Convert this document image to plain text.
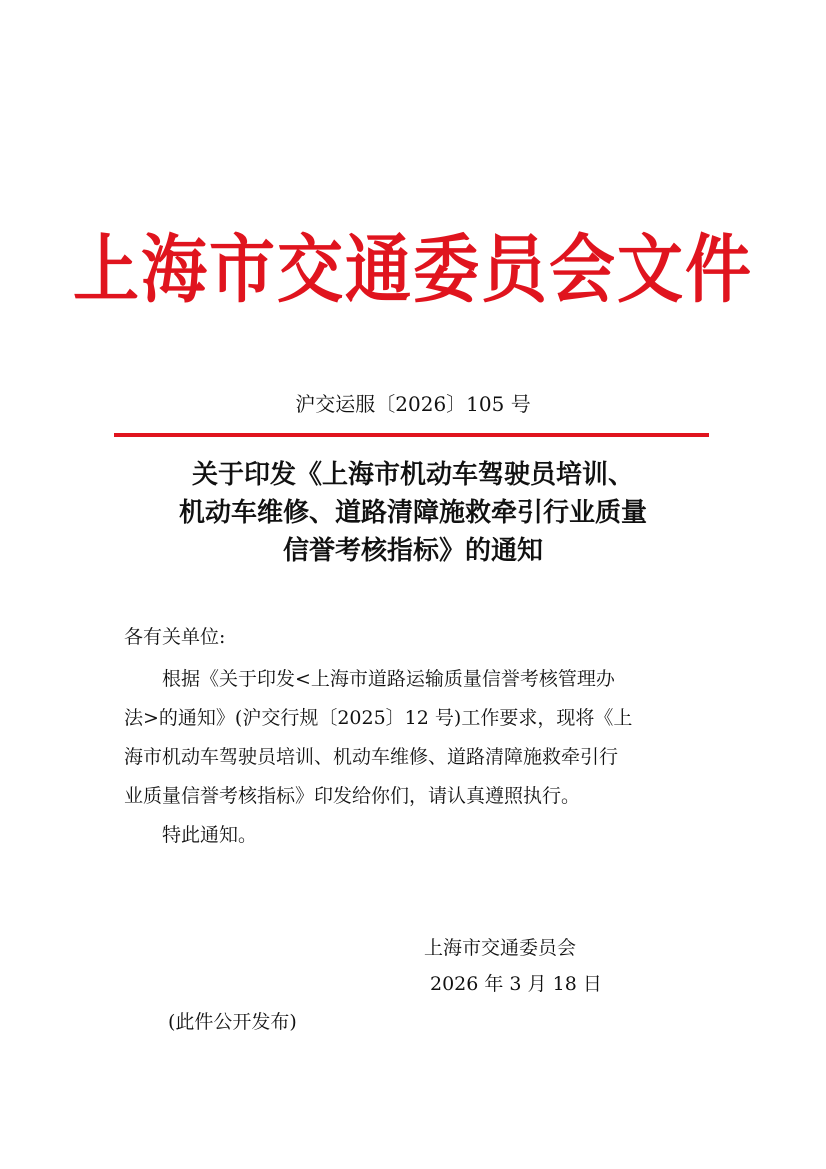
上海市交通委员会文件
沪交运服〔2026〕105 号
关于印发《上海市机动车驾驶员培训、
机动车维修、道路清障施救牵引行业质量
信誉考核指标》的通知
各有关单位:
根据《关于印发<上海市道路运输质量信誉考核管理办
法>的通知》(沪交行规〔2025〕12 号)工作要求，现将《上
海市机动车驾驶员培训、机动车维修、道路清障施救牵引行
业质量信誉考核指标》印发给你们，请认真遵照执行。
特此通知。
上海市交通委员会
2026 年 3 月 18 日
(此件公开发布)
